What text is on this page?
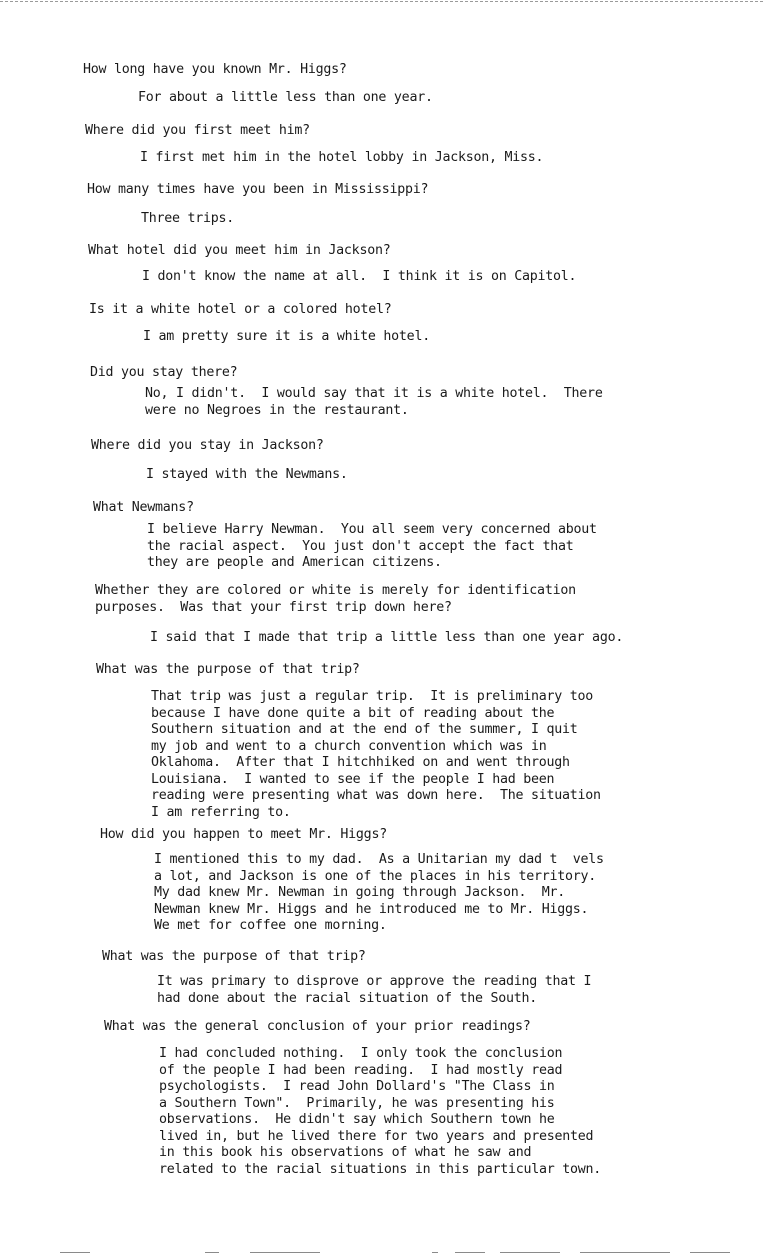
How long have you known Mr. Higgs?
For about a little less than one year.
Where did you first meet him?
I first met him in the hotel lobby in Jackson, Miss.
How many times have you been in Mississippi?
Three trips.
What hotel did you meet him in Jackson?
I don't know the name at all.  I think it is on Capitol.
Is it a white hotel or a colored hotel?
I am pretty sure it is a white hotel.
Did you stay there?
No, I didn't.  I would say that it is a white hotel.  There
were no Negroes in the restaurant.
Where did you stay in Jackson?
I stayed with the Newmans.
What Newmans?
I believe Harry Newman.  You all seem very concerned about
the racial aspect.  You just don't accept the fact that
they are people and American citizens.
Whether they are colored or white is merely for identification
purposes.  Was that your first trip down here?
I said that I made that trip a little less than one year ago.
What was the purpose of that trip?
That trip was just a regular trip.  It is preliminary too
because I have done quite a bit of reading about the
Southern situation and at the end of the summer, I quit
my job and went to a church convention which was in
Oklahoma.  After that I hitchhiked on and went through
Louisiana.  I wanted to see if the people I had been
reading were presenting what was down here.  The situation
I am referring to.
How did you happen to meet Mr. Higgs?
I mentioned this to my dad.  As a Unitarian my dad t  vels
a lot, and Jackson is one of the places in his territory.
My dad knew Mr. Newman in going through Jackson.  Mr.
Newman knew Mr. Higgs and he introduced me to Mr. Higgs.
We met for coffee one morning.
What was the purpose of that trip?
It was primary to disprove or approve the reading that I
had done about the racial situation of the South.
What was the general conclusion of your prior readings?
I had concluded nothing.  I only took the conclusion
of the people I had been reading.  I had mostly read
psychologists.  I read John Dollard's "The Class in
a Southern Town".  Primarily, he was presenting his
observations.  He didn't say which Southern town he
lived in, but he lived there for two years and presented
in this book his observations of what he saw and
related to the racial situations in this particular town.
